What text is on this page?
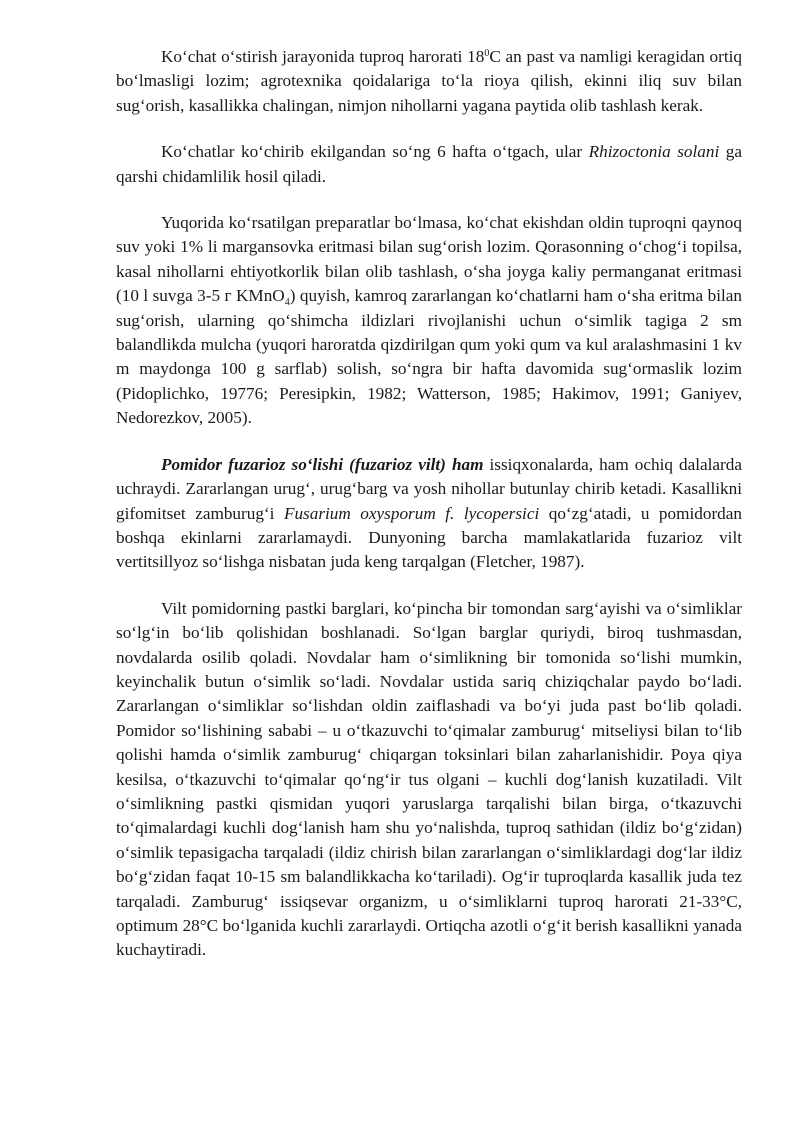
Ko‘chat o‘stirish jarayonida tuproq harorati $18^0C$ an past va namligi keragidan ortiq bo‘lmasligi lozim; agrotexnika qoidalariga to‘la rioya qilish, ekinni iliq suv bilan sug‘orish, kasallikka chalingan, nimjon nihollarni yagana paytida olib tashlash kerak.

Ko‘chatlar ko‘chirib ekilgandan so‘ng 6 hafta o‘tgach, ular Rhizoctonia solani ga qarshi chidamlilik hosil qiladi.

Yuqorida ko‘rsatilgan preparatlar bo‘lmasa, ko‘chat ekishdan oldin tuproqni qaynoq suv yoki 1% li margansovka eritmasi bilan sug‘orish lozim. Qorasonning o‘chog‘i topilsa, kasal nihollarni ehtiyotkorlik bilan olib tashlash, o‘sha joyga kaliy permanganat eritmasi (10 l suvga 3-5 г KMnO$_4$) quyish, kamroq zararlangan ko‘chatlarni ham o‘sha eritma bilan sug‘orish, ularning qo‘shimcha ildizlari rivojlanishi uchun o‘simlik tagiga 2 sm balandlikda mulcha (yuqori haroratda qizdirilgan qum yoki qum va kul aralashmasini 1 kv m maydonga 100 g sarflab) solish, so‘ngra bir hafta davomida sug‘ormaslik lozim (Pidoplichko, 19776; Peresipkin, 1982; Watterson, 1985; Hakimov, 1991; Ganiyev, Nedorezkov, 2005).

Pomidor fuzarioz so‘lishi (fuzarioz vilt) ham issiqxonalarda, ham ochiq dalalarda uchraydi. Zararlangan urug‘, urug‘barg va yosh nihollar butunlay chirib ketadi. Kasallikni gifomitset zamburug‘i Fusarium oxysporum f. lycopersici qo‘zg‘atadi, u pomidordan boshqa ekinlarni zararlamaydi. Dunyoning barcha mamlakatlarida fuzarioz vilt vertitsillyoz so‘lishga nisbatan juda keng tarqalgan (Fletcher, 1987).

Vilt pomidorning pastki barglari, ko‘pincha bir tomondan sarg‘ayishi va o‘simliklar so‘lg‘in bo‘lib qolishidan boshlanadi. So‘lgan barglar quriydi, biroq tushmasdan, novdalarda osilib qoladi. Novdalar ham o‘simlikning bir tomonida so‘lishi mumkin, keyinchalik butun o‘simlik so‘ladi. Novdalar ustida sariq chiziqchalar paydo bo‘ladi. Zararlangan o‘simliklar so‘lishdan oldin zaiflashadi va bo‘yi juda past bo‘lib qoladi. Pomidor so‘lishining sababi – u o‘tkazuvchi to‘qimalar zamburug‘ mitseliysi bilan to‘lib qolishi hamda o‘simlik zamburug‘ chiqargan toksinlari bilan zaharlanishidir. Poya qiya kesilsa, o‘tkazuvchi to‘qimalar qo‘ng‘ir tus olgani – kuchli dog‘lanish kuzatiladi. Vilt o‘simlikning pastki qismidan yuqori yaruslarga tarqalishi bilan birga, o‘tkazuvchi to‘qimalardagi kuchli dog‘lanish ham shu yo‘nalishda, tuproq sathidan (ildiz bo‘g‘zidan) o‘simlik tepasigacha tarqaladi (ildiz chirish bilan zararlangan o‘simliklardagi dog‘lar ildiz bo‘g‘zidan faqat 10-15 sm balandlikkacha ko‘tariladi). Og‘ir tuproqlarda kasallik juda tez tarqaladi. Zamburug‘ issiqsevar organizm, u o‘simliklarni tuproq harorati 21-33°C, optimum 28°C bo‘lganida kuchli zararlaydi. Ortiqcha azotli o‘g‘it berish kasallikni yanada kuchaytiradi.
